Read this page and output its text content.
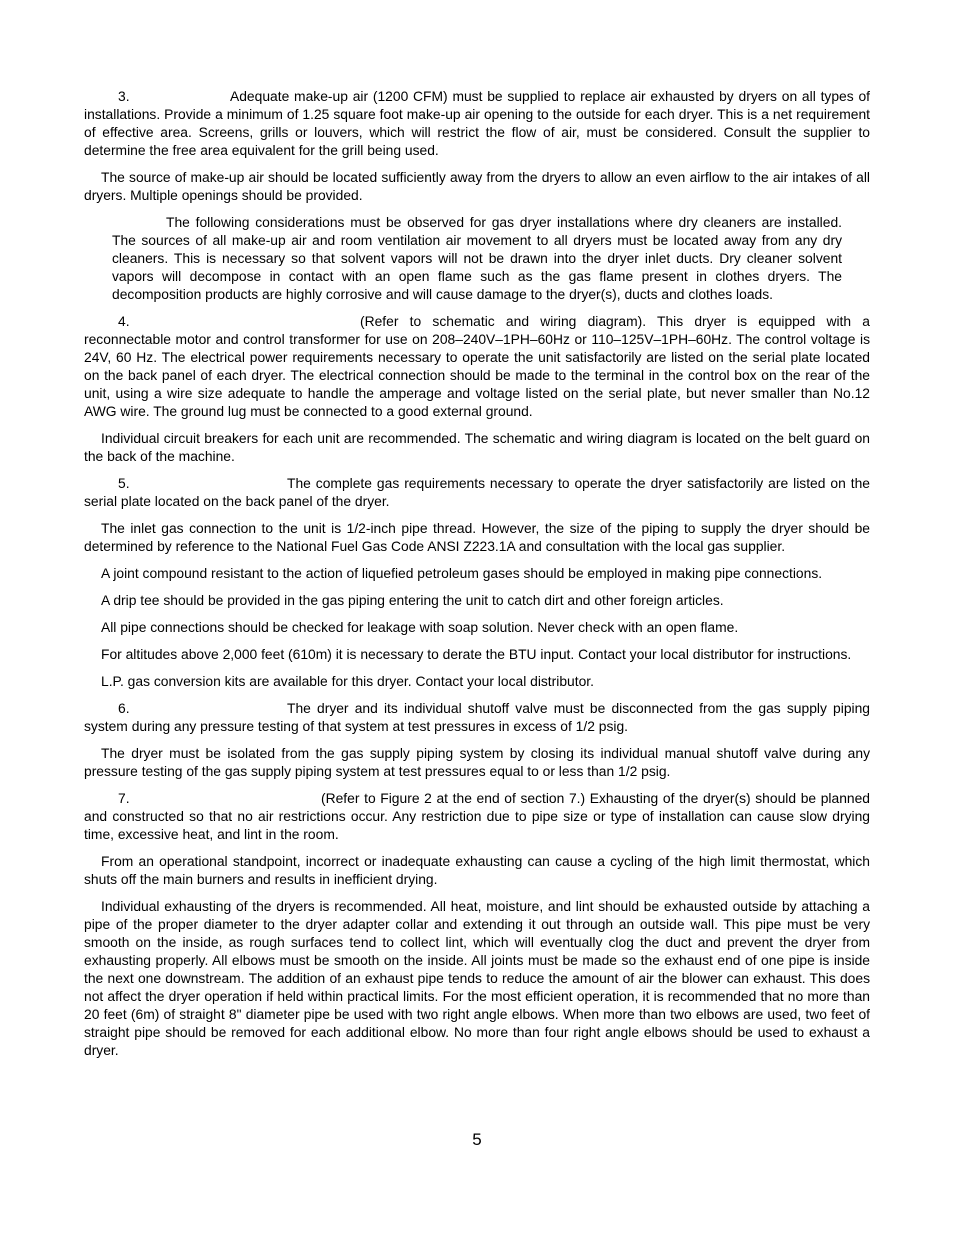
3.	Adequate make-up air (1200 CFM) must be supplied to replace air exhausted by dryers on all types of installations. Provide a minimum of 1.25 square foot make-up air opening to the outside for each dryer. This is a net requirement of effective area. Screens, grills or louvers, which will restrict the flow of air, must be considered. Consult the supplier to determine the free area equivalent for the grill being used.

The source of make-up air should be located sufficiently away from the dryers to allow an even airflow to the air intakes of all dryers. Multiple openings should be provided.

The following considerations must be observed for gas dryer installations where dry cleaners are installed. The sources of all make-up air and room ventilation air movement to all dryers must be located away from any dry cleaners. This is necessary so that solvent vapors will not be drawn into the dryer inlet ducts. Dry cleaner solvent vapors will decompose in contact with an open flame such as the gas flame present in clothes dryers. The decomposition products are highly corrosive and will cause damage to the dryer(s), ducts and clothes loads.

4.	(Refer to schematic and wiring diagram). This dryer is equipped with a reconnectable motor and control transformer for use on 208–240V–1PH–60Hz or 110–125V–1PH–60Hz. The control voltage is 24V, 60 Hz. The electrical power requirements necessary to operate the unit satisfactorily are listed on the serial plate located on the back panel of each dryer. The electrical connection should be made to the terminal in the control box on the rear of the unit, using a wire size adequate to handle the amperage and voltage listed on the serial plate, but never smaller than No.12 AWG wire. The ground lug must be connected to a good external ground.

Individual circuit breakers for each unit are recommended. The schematic and wiring diagram is located on the belt guard on the back of the machine.

5.	The complete gas requirements necessary to operate the dryer satisfactorily are listed on the serial plate located on the back panel of the dryer.

The inlet gas connection to the unit is 1/2-inch pipe thread. However, the size of the piping to supply the dryer should be determined by reference to the National Fuel Gas Code ANSI Z223.1A and consultation with the local gas supplier.

A joint compound resistant to the action of liquefied petroleum gases should be employed in making pipe connections.

A drip tee should be provided in the gas piping entering the unit to catch dirt and other foreign articles.

All pipe connections should be checked for leakage with soap solution. Never check with an open flame.

For altitudes above 2,000 feet (610m) it is necessary to derate the BTU input. Contact your local distributor for instructions.

L.P. gas conversion kits are available for this dryer. Contact your local distributor.

6.	The dryer and its individual shutoff valve must be disconnected from the gas supply piping system during any pressure testing of that system at test pressures in excess of 1/2 psig.

The dryer must be isolated from the gas supply piping system by closing its individual manual shutoff valve during any pressure testing of the gas supply piping system at test pressures equal to or less than 1/2 psig.

7.	(Refer to Figure 2 at the end of section 7.) Exhausting of the dryer(s) should be planned and constructed so that no air restrictions occur. Any restriction due to pipe size or type of installation can cause slow drying time, excessive heat, and lint in the room.

From an operational standpoint, incorrect or inadequate exhausting can cause a cycling of the high limit thermostat, which shuts off the main burners and results in inefficient drying.

Individual exhausting of the dryers is recommended. All heat, moisture, and lint should be exhausted outside by attaching a pipe of the proper diameter to the dryer adapter collar and extending it out through an outside wall. This pipe must be very smooth on the inside, as rough surfaces tend to collect lint, which will eventually clog the duct and prevent the dryer from exhausting properly. All elbows must be smooth on the inside. All joints must be made so the exhaust end of one pipe is inside the next one downstream. The addition of an exhaust pipe tends to reduce the amount of air the blower can exhaust. This does not affect the dryer operation if held within practical limits. For the most efficient operation, it is recommended that no more than 20 feet (6m) of straight 8" diameter pipe be used with two right angle elbows. When more than two elbows are used, two feet of straight pipe should be removed for each additional elbow. No more than four right angle elbows should be used to exhaust a dryer.

5
